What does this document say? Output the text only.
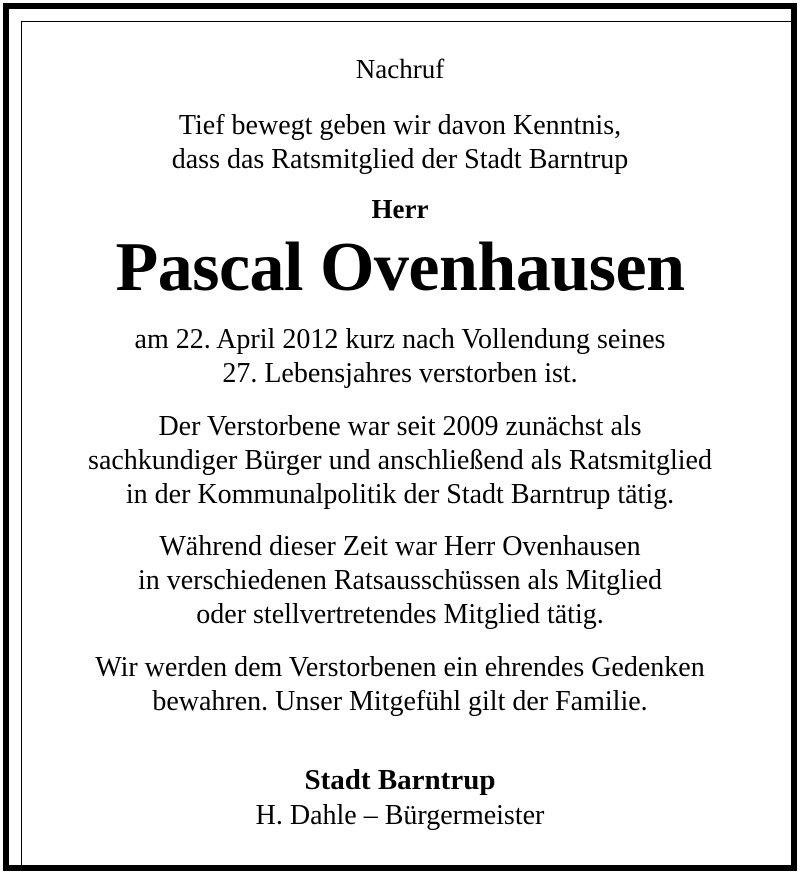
Nachruf
Tief bewegt geben wir davon Kenntnis,
dass das Ratsmitglied der Stadt Barntrup
Herr
Pascal Ovenhausen
am 22. April 2012 kurz nach Vollendung seines
27. Lebensjahres verstorben ist.
Der Verstorbene war seit 2009 zunächst als
sachkundiger Bürger und anschließend als Ratsmitglied
in der Kommunalpolitik der Stadt Barntrup tätig.
Während dieser Zeit war Herr Ovenhausen
in verschiedenen Ratsausschüssen als Mitglied
oder stellvertretendes Mitglied tätig.
Wir werden dem Verstorbenen ein ehrendes Gedenken
bewahren. Unser Mitgefühl gilt der Familie.
Stadt Barntrup
H. Dahle – Bürgermeister
